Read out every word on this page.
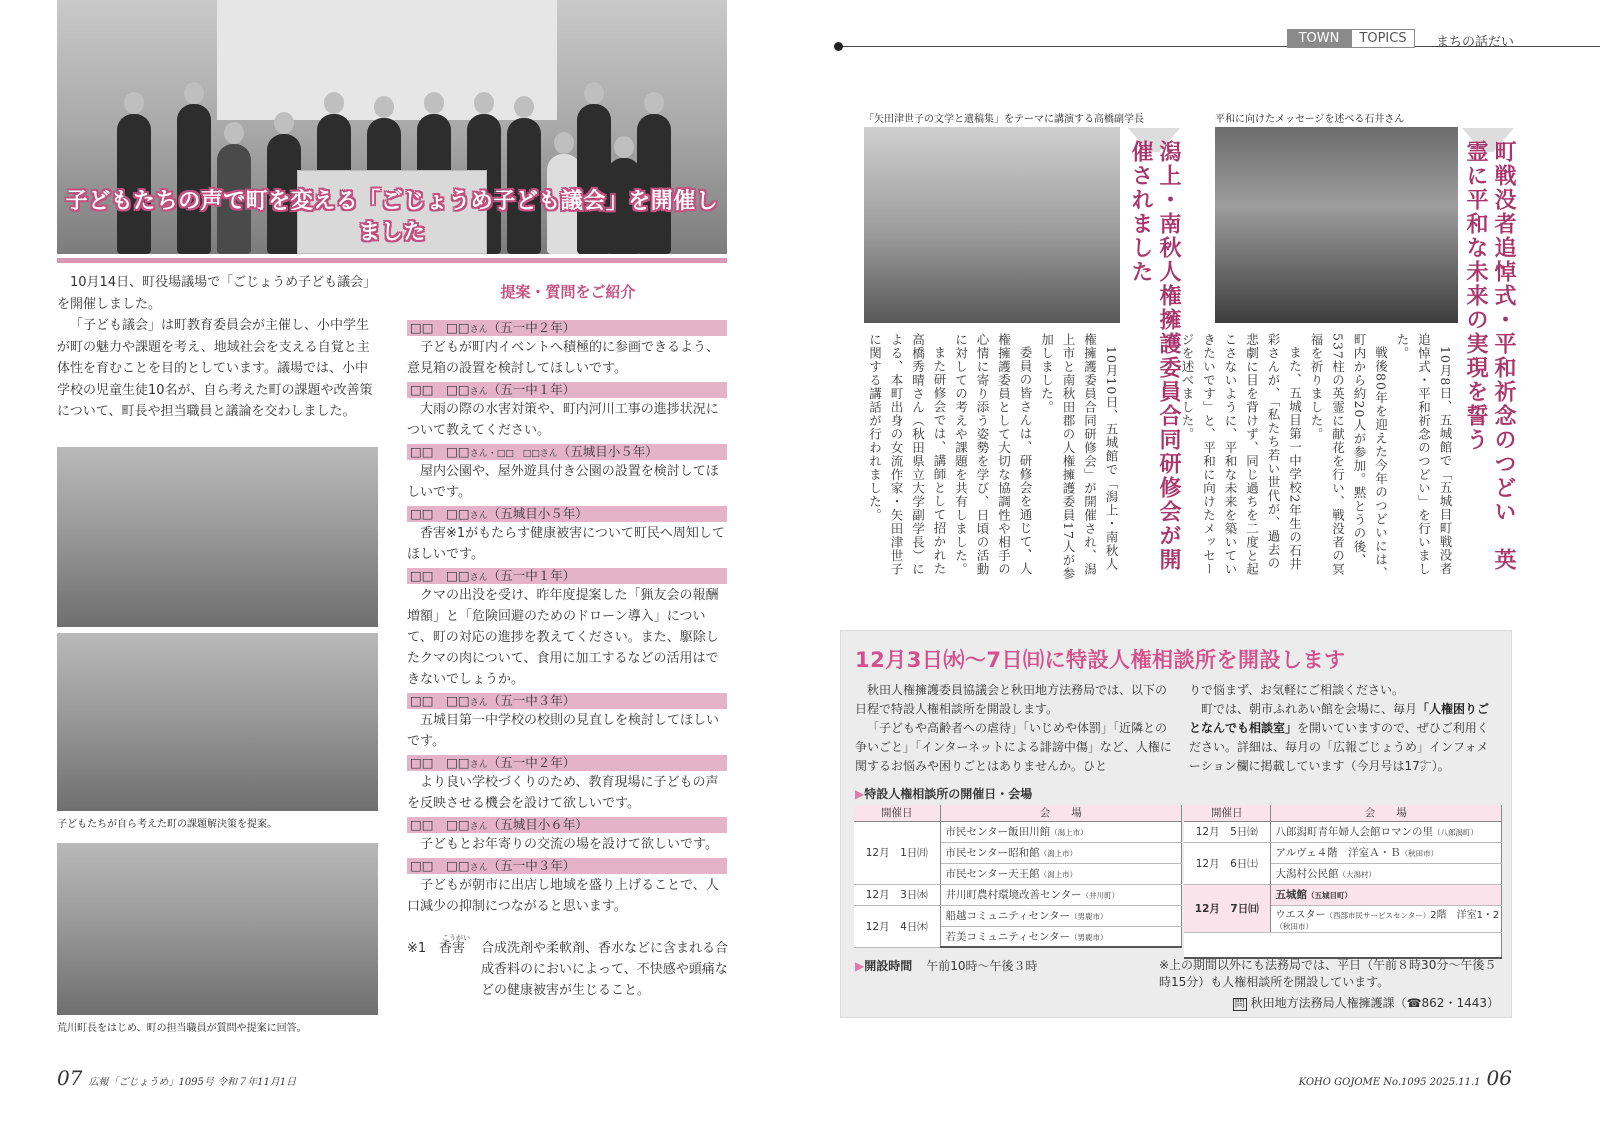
子どもたちの声で町を変える「ごじょうめ子ども議会」を開催しました

10月14日、町役場議場で「ごじょうめ子ども議会」を開催しました。

「子ども議会」は町教育委員会が主催し、小中学生が町の魅力や課題を考え、地域社会を支える自覚と主体性を育むことを目的としています。議場では、小中学校の児童生徒10名が、自ら考えた町の課題や改善策について、町長や担当職員と議論を交わしました。

子どもたちが自ら考えた町の課題解決策を提案。
荒川町長をはじめ、町の担当職員が質問や提案に回答。
提案・質問をご紹介
□□　□□さん（五一中２年）
子どもが町内イベントへ積極的に参画できるよう、意見箱の設置を検討してほしいです。
□□　□□さん（五一中１年）
大雨の際の水害対策や、町内河川工事の進捗状況について教えてください。
□□　□□さん・□□　□□さん（五城目小５年）
屋内公園や、屋外遊具付き公園の設置を検討してほしいです。
□□　□□さん（五城目小５年）
香害※1がもたらす健康被害について町民へ周知してほしいです。
□□　□□さん（五一中１年）
クマの出没を受け、昨年度提案した「猟友会の報酬増額」と「危険回避のためのドローン導入」について、町の対応の進捗を教えてください。また、駆除したクマの肉について、食用に加工するなどの活用はできないでしょうか。
□□　□□さん（五一中３年）
五城目第一中学校の校則の見直しを検討してほしいです。
□□　□□さん（五一中２年）
より良い学校づくりのため、教育現場に子どもの声を反映させる機会を設けて欲しいです。
□□　□□さん（五城目小６年）
子どもとお年寄りの交流の場を設けて欲しいです。
□□　□□さん（五一中３年）
子どもが朝市に出店し地域を盛り上げることで、人口減少の抑制につながると思います。
※1
こうがい
香害	合成洗剤や柔軟剤、香水などに含まれる合成香料のにおいによって、不快感や頭痛などの健康被害が生じること。
07 広報「ごじょうめ」1095号 令和７年11月1日
TOWN	TOPICS	まちの話だい
「矢田津世子の文学と遺稿集」をテーマに講演する高橋副学長
潟上・南秋人権擁護委員合同研修会が開催されました

10月10日、五城館で「潟上・南秋人権擁護委員合同研修会」が開催され、潟上市と南秋田郡の人権擁護委員17人が参加しました。

委員の皆さんは、研修会を通じて、人権擁護委員として大切な協調性や相手の心情に寄り添う姿勢を学び、日頃の活動に対しての考えや課題を共有しました。

また研修会では、講師として招かれた高橋秀晴さん（秋田県立大学副学長）による、本町出身の女流作家・矢田津世子に関する講話が行われました。

平和に向けたメッセージを述べる石井さん
町戦没者追悼式・平和祈念のつどい　英霊に平和な未来の実現を誓う

10月8日、五城館で「五城目町戦没者追悼式・平和祈念のつどい」を行いました。

戦後80年を迎えた今年のつどいには、町内から約20人が参加。黙とうの後、537柱の英霊に献花を行い、戦没者の冥福を祈りました。

また、五城目第一中学校2年生の石井彩さんが、「私たち若い世代が、過去の悲劇に目を背けず、同じ過ちを二度と起こさないように、平和な未来を築いていきたいです」と、平和に向けたメッセージを述べました。

12月3日㈬～7日㈰に特設人権相談所を開設します

秋田人権擁護委員協議会と秋田地方法務局では、以下の日程で特設人権相談所を開設します。

「子どもや高齢者への虐待」「いじめや体罰」「近隣との争いごと」「インターネットによる誹謗中傷」など、人権に関するお悩みや困りごとはありませんか。ひと

りで悩まず、お気軽にご相談ください。

町では、朝市ふれあい館を会場に、毎月「人権困りごとなんでも相談室」を開いていますので、ぜひご利用ください。詳細は、毎月の「広報ごじょうめ」インフォメーション欄に掲載しています（今月号は17㌻）。

▶特設人権相談所の開催日・会場
開催日	会　　場
12月　1日㈪	市民センター飯田川館（潟上市）
	市民センター昭和館（潟上市）
	市民センター天王館（潟上市）
12月　3日㈬	井川町農村環境改善センター（井川町）
12月　4日㈭	船越コミュニティセンター（男鹿市）
	若美コミュニティセンター（男鹿市）
開催日	会　　場
12月　5日㈮	八郎潟町青年婦人会館ロマンの里（八郎潟町）
12月　6日㈯	アルヴェ４階　洋室Ａ・Ｂ（秋田市）
	大潟村公民館（大潟村）
12月　7日㈰	五城館（五城目町）
	ウエスター（西部市民サービスセンター）2階　洋室1・2（秋田市）

▶開設時間 午前10時～午後３時	※上の期間以外にも法務局では、平日（午前８時30分～午後５時15分）も人権相談所を開設しています。
問 秋田地方法務局人権擁護課（☎862・1443）
KOHO GOJOME No.1095 2025.11.1 06
